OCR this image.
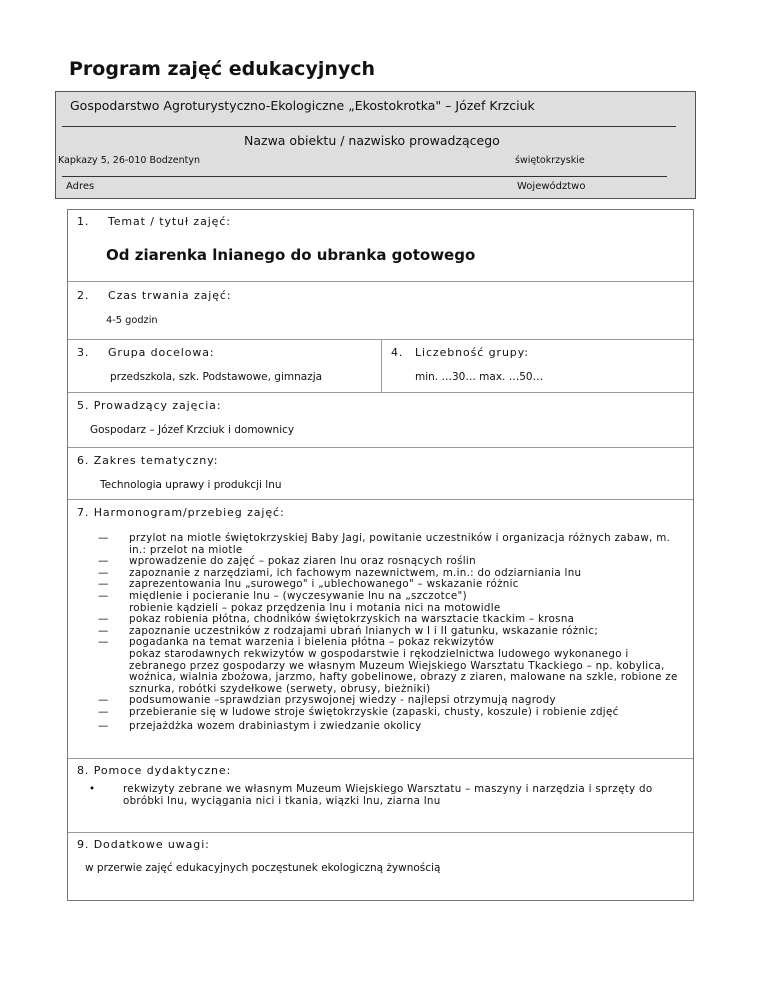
Program zajęć edukacyjnych
Gospodarstwo Agroturystyczno-Ekologiczne „Ekostokrotka" – Józef Krzciuk
Nazwa obiektu / nazwisko prowadzącego
Kapkazy 5, 26-010 Bodzentyn	świętokrzyskie
Adres	Województwo
1. Temat / tytuł zajęć:
Od ziarenka lnianego do ubranka gotowego
2. Czas trwania zajęć:
4-5 godzin
3. Grupa docelowa:
przedszkola, szk. Podstawowe, gimnazja
4. Liczebność grupy:
min. …30… max. …50…
5. Prowadzący zajęcia:
Gospodarz – Józef Krzciuk i domownicy
6. Zakres tematyczny:
Technologia uprawy i produkcji lnu
7. Harmonogram/przebieg zajęć:
— przylot na miotle świętokrzyskiej Baby Jagi, powitanie uczestników i organizacja różnych zabaw, m.
in.: przelot na miotle
— wprowadzenie do zajęć – pokaz ziaren lnu oraz rosnących roślin
— zapoznanie z narzędziami, ich fachowym nazewnictwem, m.in.: do odziarniania lnu
— zaprezentowania lnu „surowego" i „ublechowanego" – wskazanie różnic
— międlenie i pocieranie lnu – (wyczesywanie lnu na „szczotce")
robienie kądzieli – pokaz przędzenia lnu i motania nici na motowidle
— pokaz robienia płótna, chodników świętokrzyskich na warsztacie tkackim – krosna
— zapoznanie uczestników z rodzajami ubrań lnianych w I i II gatunku, wskazanie różnic;
— pogadanka na temat warzenia i bielenia płótna – pokaz rekwizytów
pokaz starodawnych rekwizytów w gospodarstwie i rękodzielnictwa ludowego wykonanego i
zebranego przez gospodarzy we własnym Muzeum Wiejskiego Warsztatu Tkackiego – np. kobylica,
woźnica, wialnia zbożowa, jarzmo, hafty gobelinowe, obrazy z ziaren, malowane na szkle, robione ze
sznurka, robótki szydełkowe (serwety, obrusy, bieżniki)
— podsumowanie –sprawdzian przyswojonej wiedzy - najlepsi otrzymują nagrody
— przebieranie się w ludowe stroje świętokrzyskie (zapaski, chusty, koszule) i robienie zdjęć
— przejażdżka wozem drabiniastym i zwiedzanie okolicy
8. Pomoce dydaktyczne:
•	rekwizyty zebrane we własnym Muzeum Wiejskiego Warsztatu – maszyny i narzędzia i sprzęty do
obróbki lnu, wyciągania nici i tkania, wiązki lnu, ziarna lnu
9. Dodatkowe uwagi:
w przerwie zajęć edukacyjnych poczęstunek ekologiczną żywnością
